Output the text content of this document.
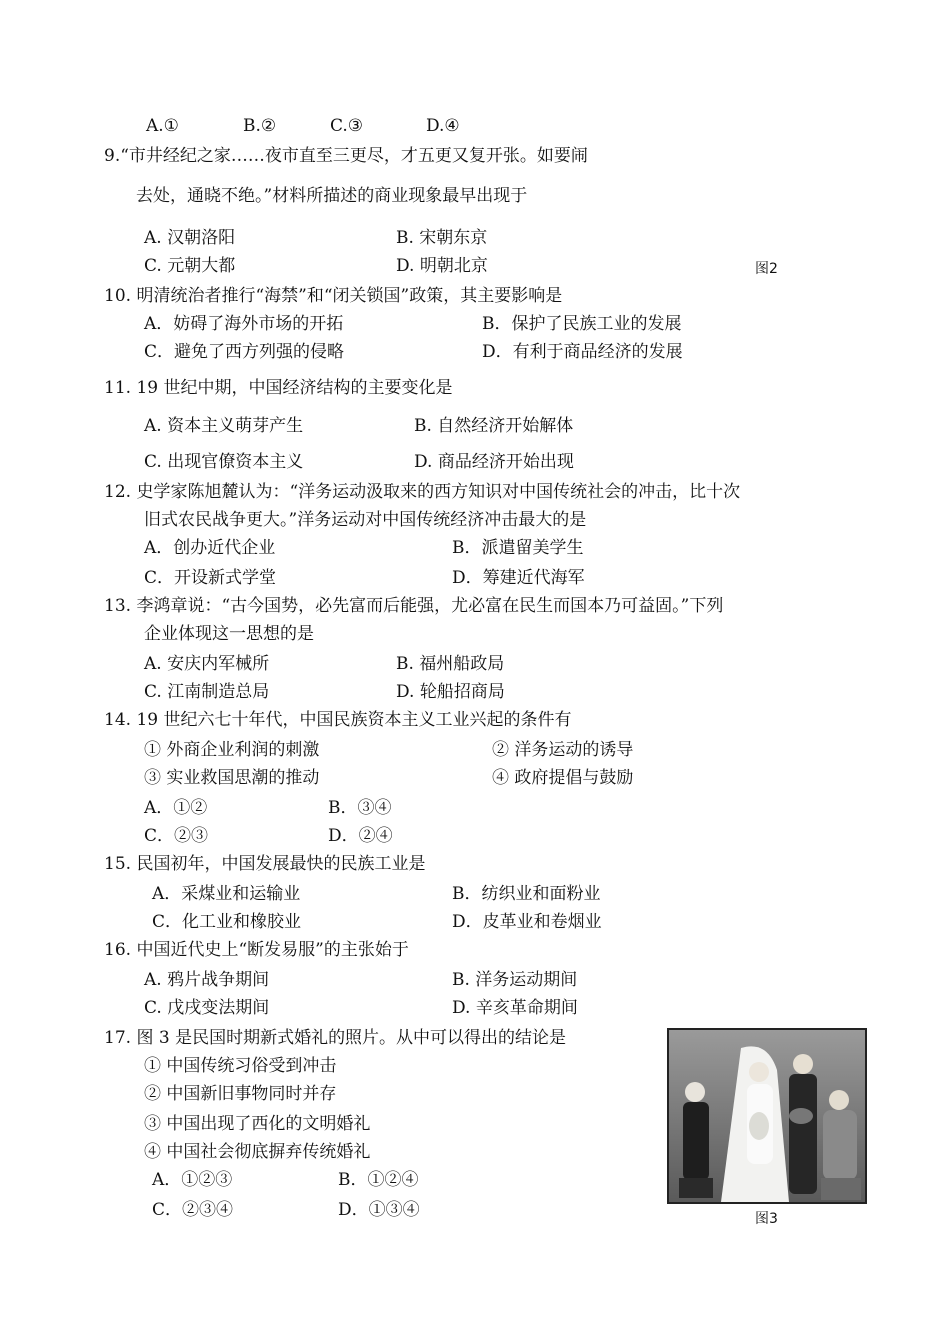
A.①	B.②	C.③	D.④
9.“市井经纪之家……夜市直至三更尽，才五更又复开张。如要闹
去处，通晓不绝。”材料所描述的商业现象最早出现于
A. 汉朝洛阳	B. 宋朝东京
C. 元朝大都	D. 明朝北京	图2
10. 明清统治者推行“海禁”和“闭关锁国”政策，其主要影响是
A．妨碍了海外市场的开拓	B．保护了民族工业的发展
C．避免了西方列强的侵略	D．有利于商品经济的发展
11. 19 世纪中期，中国经济结构的主要变化是
A. 资本主义萌芽产生	B. 自然经济开始解体
C. 出现官僚资本主义	D. 商品经济开始出现
12. 史学家陈旭麓认为：“洋务运动汲取来的西方知识对中国传统社会的冲击，比十次
旧式农民战争更大。”洋务运动对中国传统经济冲击最大的是
A．创办近代企业	B．派遣留美学生
C．开设新式学堂	D．筹建近代海军
13. 李鸿章说：“古今国势，必先富而后能强，尤必富在民生而国本乃可益固。”下列
企业体现这一思想的是
A. 安庆内军械所	B. 福州船政局
C. 江南制造总局	D. 轮船招商局
14. 19 世纪六七十年代，中国民族资本主义工业兴起的条件有
① 外商企业利润的刺激	② 洋务运动的诱导
③ 实业救国思潮的推动	④ 政府提倡与鼓励
A．①②	B．③④
C．②③	D．②④
15. 民国初年，中国发展最快的民族工业是
A．采煤业和运输业	B．纺织业和面粉业
C．化工业和橡胶业	D．皮革业和卷烟业
16. 中国近代史上“断发易服”的主张始于
A. 鸦片战争期间	B. 洋务运动期间
C. 戊戌变法期间	D. 辛亥革命期间
17. 图 3 是民国时期新式婚礼的照片。从中可以得出的结论是
① 中国传统习俗受到冲击
② 中国新旧事物同时并存
③ 中国出现了西化的文明婚礼
④ 中国社会彻底摒弃传统婚礼
A．①②③	B．①②④
C．②③④	D．①③④	图3
